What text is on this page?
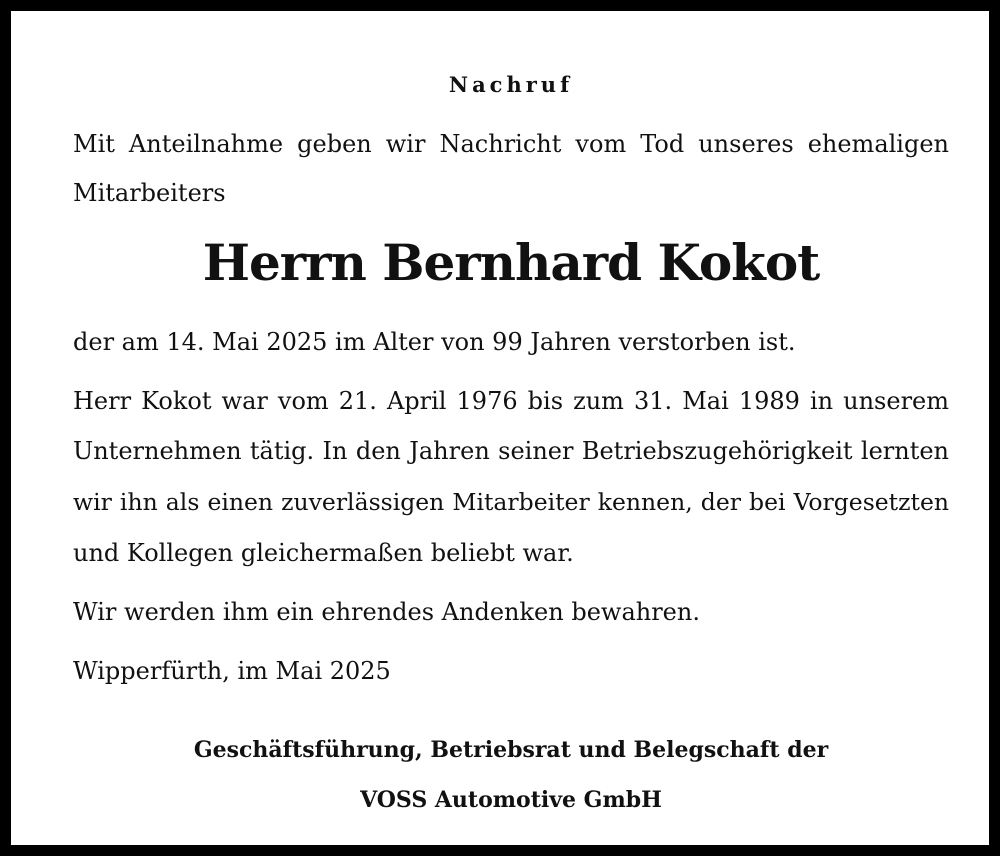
Nachruf
Mit Anteilnahme geben wir Nachricht vom Tod unseres ehemaligen
Mitarbeiters
Herrn Bernhard Kokot
der am 14. Mai 2025 im Alter von 99 Jahren verstorben ist.
Herr Kokot war vom 21. April 1976 bis zum 31. Mai 1989 in unserem
Unternehmen tätig. In den Jahren seiner Betriebszugehörigkeit lernten
wir ihn als einen zuverlässigen Mitarbeiter kennen, der bei Vorgesetzten
und Kollegen gleichermaßen beliebt war.
Wir werden ihm ein ehrendes Andenken bewahren.
Wipperfürth, im Mai 2025
Geschäftsführung, Betriebsrat und Belegschaft der
VOSS Automotive GmbH
